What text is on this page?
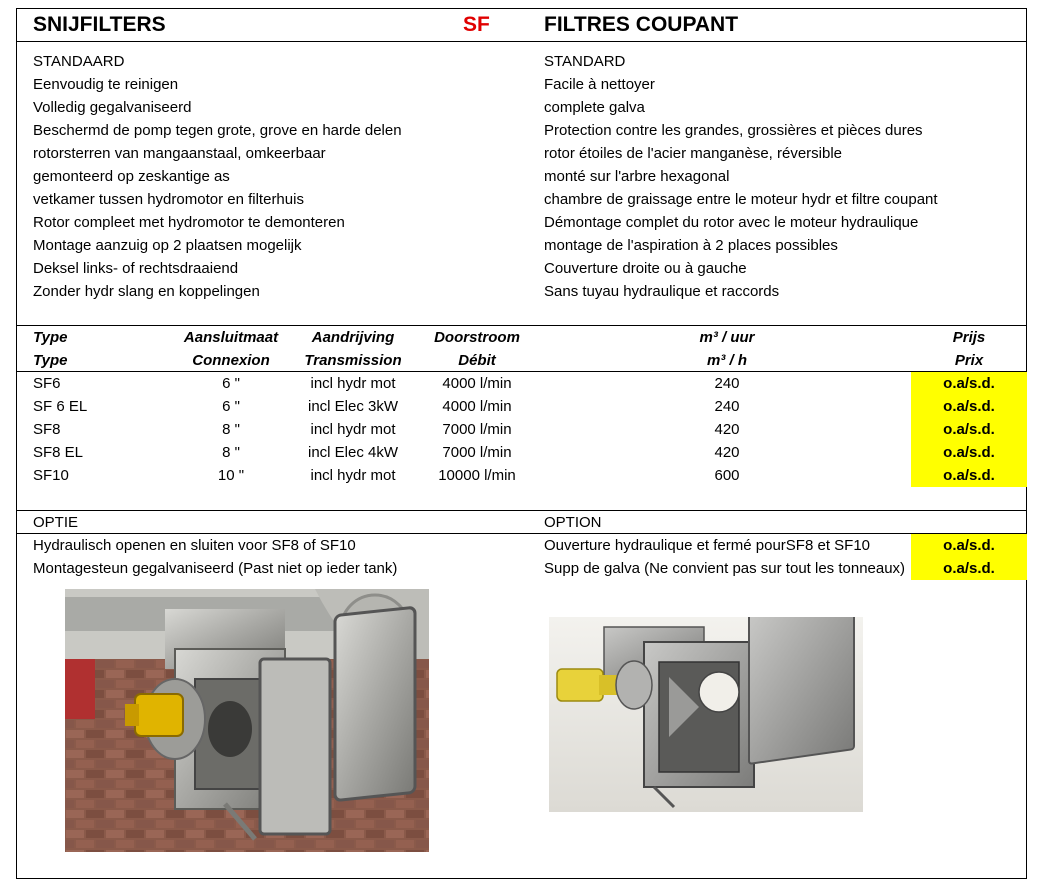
SNIJFILTERS	SF	FILTRES COUPANT
STANDAARD
Eenvoudig te reinigen
Volledig gegalvaniseerd
Beschermd de pomp tegen grote, grove en harde delen
rotorsterren van mangaanstaal, omkeerbaar
gemonteerd op zeskantige as
vetkamer tussen hydromotor en filterhuis
Rotor compleet met hydromotor te demonteren
Montage aanzuig op 2 plaatsen mogelijk
Deksel links- of rechtsdraaiend
Zonder hydr slang en koppelingen
STANDARD
Facile à nettoyer
complete galva
Protection contre les grandes, grossières et pièces dures
rotor étoiles de l'acier manganèse, réversible
monté sur l'arbre hexagonal
chambre de graissage entre le moteur hydr et filtre coupant
Démontage complet du rotor avec le moteur hydraulique
montage de l'aspiration à 2 places possibles
Couverture droite ou à gauche
Sans tuyau hydraulique et raccords
Type	Aansluitmaat	Aandrijving	Doorstroom	m³ / uur	Prijs
Type	Connexion	Transmission	Débit	m³ / h	Prix
SF6	6 "	incl hydr mot	4000 l/min	240	o.a/s.d.
SF 6 EL	6 "	incl Elec 3kW	4000 l/min	240	o.a/s.d.
SF8	8 "	incl hydr mot	7000 l/min	420	o.a/s.d.
SF8 EL	8 "	incl Elec 4kW	7000 l/min	420	o.a/s.d.
SF10	10 "	incl hydr mot	10000 l/min	600	o.a/s.d.
OPTIE	OPTION
Hydraulisch openen en sluiten voor SF8 of SF10	Ouverture hydraulique et fermé pourSF8 et SF10	o.a/s.d.
Montagesteun gegalvaniseerd (Past niet op ieder tank)	Supp de galva (Ne convient pas sur tout les tonneaux)	o.a/s.d.
